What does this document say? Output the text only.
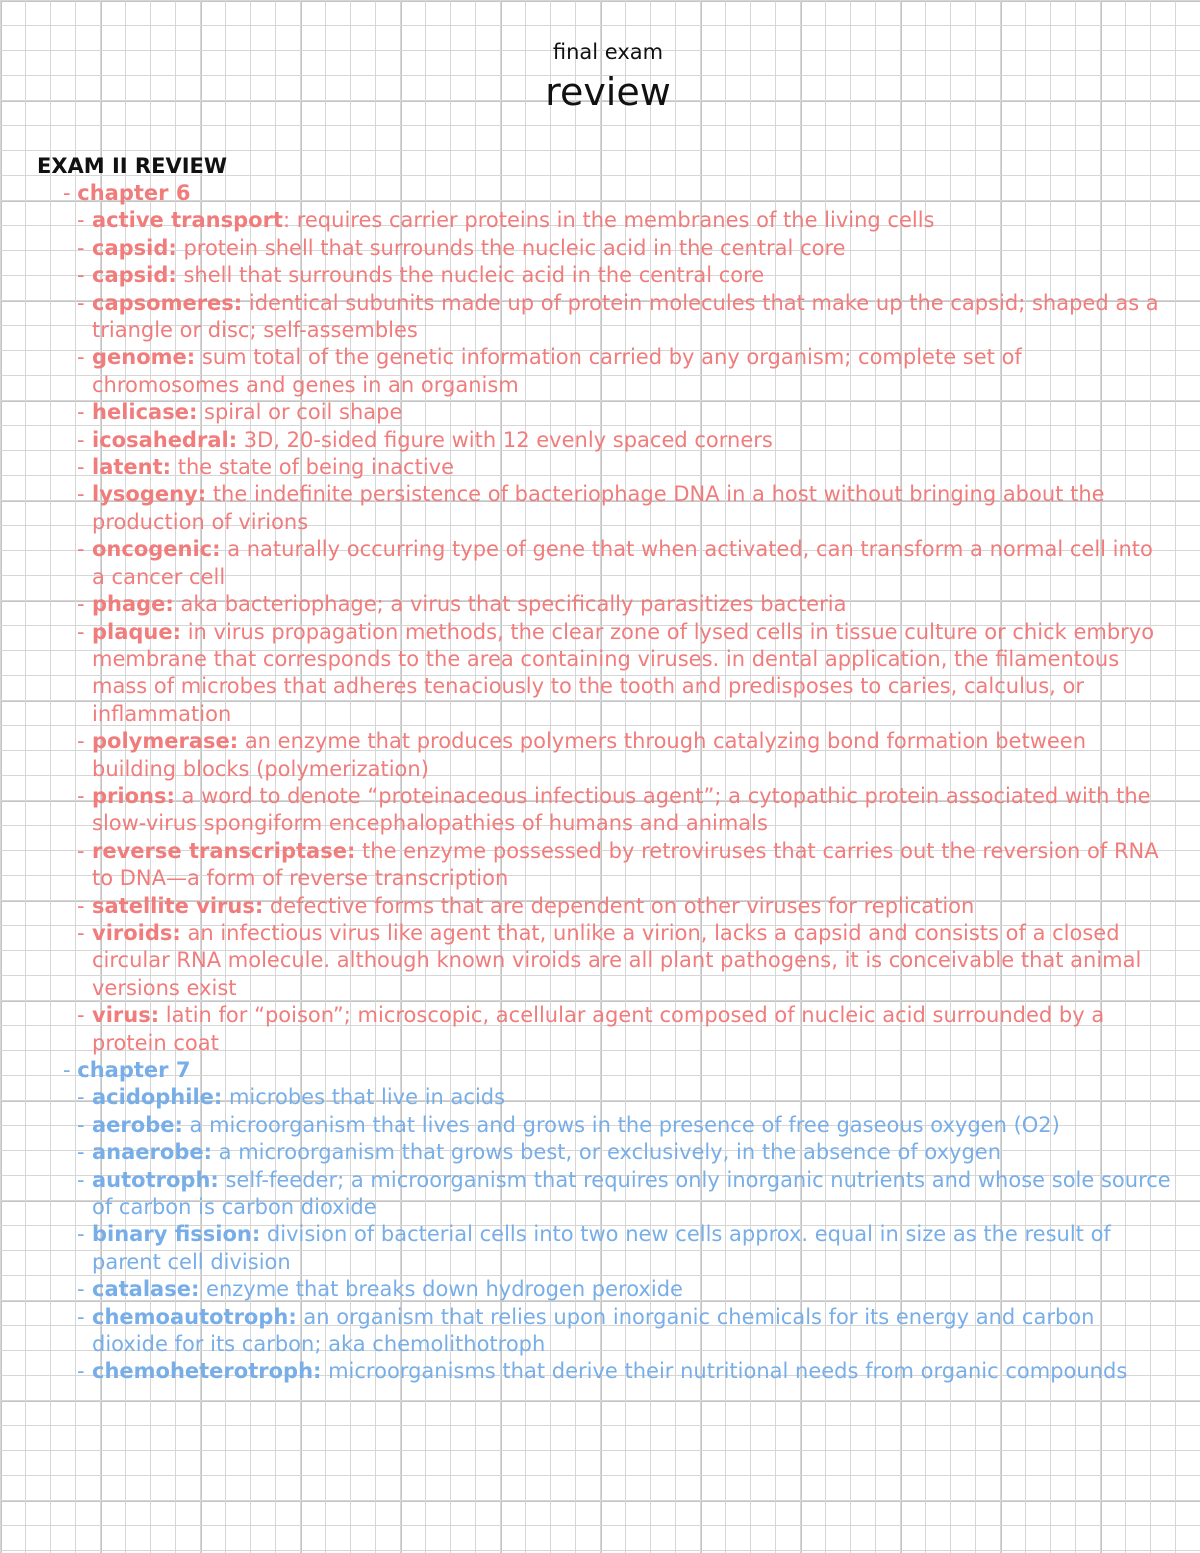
final exam
review
EXAM II REVIEW
- chapter 6
- active transport: requires carrier proteins in the membranes of the living cells
- capsid: protein shell that surrounds the nucleic acid in the central core
- capsid: shell that surrounds the nucleic acid in the central core
- capsomeres: identical subunits made up of protein molecules that make up the capsid; shaped as a triangle or disc; self-assembles
- genome: sum total of the genetic information carried by any organism; complete set of chromosomes and genes in an organism
- helicase: spiral or coil shape
- icosahedral: 3D, 20-sided figure with 12 evenly spaced corners
- latent: the state of being inactive
- lysogeny: the indefinite persistence of bacteriophage DNA in a host without bringing about the production of virions
- oncogenic: a naturally occurring type of gene that when activated, can transform a normal cell into a cancer cell
- phage: aka bacteriophage; a virus that specifically parasitizes bacteria
- plaque: in virus propagation methods, the clear zone of lysed cells in tissue culture or chick embryo membrane that corresponds to the area containing viruses. in dental application, the filamentous mass of microbes that adheres tenaciously to the tooth and predisposes to caries, calculus, or inflammation
- polymerase: an enzyme that produces polymers through catalyzing bond formation between building blocks (polymerization)
- prions: a word to denote “proteinaceous infectious agent”; a cytopathic protein associated with the slow-virus spongiform encephalopathies of humans and animals
- reverse transcriptase: the enzyme possessed by retroviruses that carries out the reversion of RNA to DNA—a form of reverse transcription
- satellite virus: defective forms that are dependent on other viruses for replication
- viroids: an infectious virus like agent that, unlike a virion, lacks a capsid and consists of a closed circular RNA molecule. although known viroids are all plant pathogens, it is conceivable that animal versions exist
- virus: latin for “poison”; microscopic, acellular agent composed of nucleic acid surrounded by a protein coat
- chapter 7
- acidophile: microbes that live in acids
- aerobe: a microorganism that lives and grows in the presence of free gaseous oxygen (O2)
- anaerobe: a microorganism that grows best, or exclusively, in the absence of oxygen
- autotroph: self-feeder; a microorganism that requires only inorganic nutrients and whose sole source of carbon is carbon dioxide
- binary fission: division of bacterial cells into two new cells approx. equal in size as the result of parent cell division
- catalase: enzyme that breaks down hydrogen peroxide
- chemoautotroph: an organism that relies upon inorganic chemicals for its energy and carbon dioxide for its carbon; aka chemolithotroph
- chemoheterotroph: microorganisms that derive their nutritional needs from organic compounds
